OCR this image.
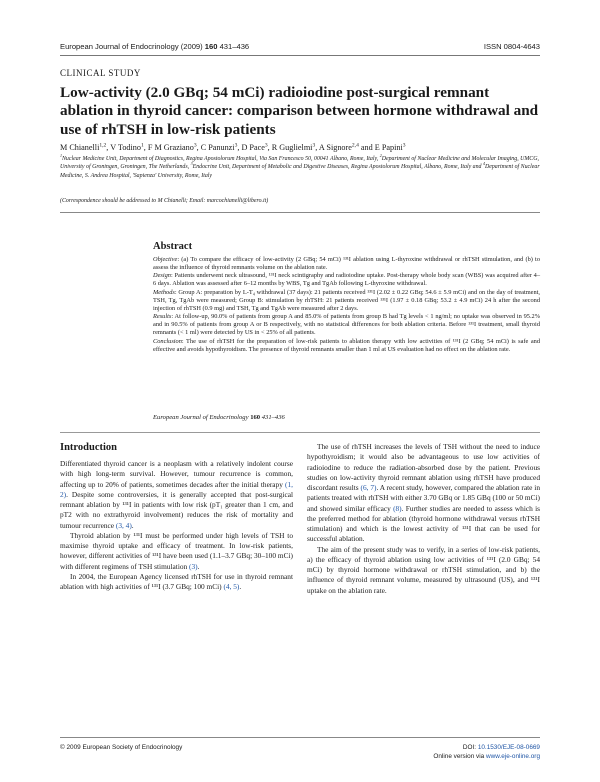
European Journal of Endocrinology (2009) 160 431–436	ISSN 0804-4643
CLINICAL STUDY
Low-activity (2.0 GBq; 54 mCi) radioiodine post-surgical remnant ablation in thyroid cancer: comparison between hormone withdrawal and use of rhTSH in low-risk patients
M Chianelli$^{1,2}$, V Todino$^1$, F M Graziano$^3$, C Panunzi$^3$, D Pace$^3$, R Guglielmi$^3$, A Signore$^{2,4}$ and E Papini$^3$
$^1$Nuclear Medicine Unit, Department of Diagnostics, Regina Apostolorum Hospital, Via San Francesco 50, 00041 Albano, Rome, Italy, $^2$Department of Nuclear Medicine and Molecular Imaging, UMCG, University of Groningen, Groningen, The Netherlands, $^3$Endocrine Unit, Department of Metabolic and Digestive Diseases, Regina Apostolorum Hospital, Albano, Rome, Italy and $^4$Department of Nuclear Medicine, S. Andrea Hospital, 'Sapienza' University, Rome, Italy
(Correspondence should be addressed to M Chianelli; Email: marcochianelli@libero.it)
Abstract

Objective: (a) To compare the efficacy of low-activity (2 GBq; 54 mCi) ¹³¹I ablation using L-thyroxine withdrawal or rhTSH stimulation, and (b) to assess the influence of thyroid remnants volume on the ablation rate.

Design: Patients underwent neck ultrasound, ¹³¹I neck scintigraphy and radioiodine uptake. Post-therapy whole body scan (WBS) was acquired after 4–6 days. Ablation was assessed after 6–12 months by WBS, Tg and TgAb following L-thyroxine withdrawal.

Methods: Group A: preparation by L-T₄ withdrawal (37 days): 21 patients received ¹³¹I (2.02 ± 0.22 GBq; 54.6 ± 5.9 mCi) and on the day of treatment, TSH, Tg, TgAb were measured; Group B: stimulation by rhTSH: 21 patients received ¹³¹I (1.97 ± 0.18 GBq; 53.2 ± 4.9 mCi) 24 h after the second injection of rhTSH (0.9 mg) and TSH, Tg and TgAb were measured after 2 days.

Results: At follow-up, 90.0% of patients from group A and 85.0% of patients from group B had Tg levels < 1 ng/ml; no uptake was observed in 95.2% and in 90.5% of patients from group A or B respectively, with no statistical differences for both ablation criteria. Before ¹³¹I treatment, small thyroid remnants (< 1 ml) were detected by US in < 25% of all patients.

Conclusion: The use of rhTSH for the preparation of low-risk patients to ablation therapy with low activities of ¹³¹I (2 GBq; 54 mCi) is safe and effective and avoids hypothyroidism. The presence of thyroid remnants smaller than 1 ml at US evaluation had no effect on the ablation rate.

European Journal of Endocrinology 160 431–436
Introduction

Differentiated thyroid cancer is a neoplasm with a relatively indolent course with high long-term survival. However, tumour recurrence is common, affecting up to 20% of patients, sometimes decades after the initial therapy (1, 2). Despite some controversies, it is generally accepted that post-surgical remnant ablation by ¹³¹I in patients with low risk (pT₁ greater than 1 cm, and pT2 with no extrathyroid involvement) reduces the risk of mortality and tumour recurrence (3, 4).

Thyroid ablation by ¹³¹I must be performed under high levels of TSH to maximise thyroid uptake and efficacy of treatment. In low-risk patients, however, different activities of ¹³¹I have been used (1.1–3.7 GBq; 30–100 mCi) with different regimens of TSH stimulation (3).

In 2004, the European Agency licensed rhTSH for use in thyroid remnant ablation with high activities of ¹³¹I (3.7 GBq; 100 mCi) (4, 5).

The use of rhTSH increases the levels of TSH without the need to induce hypothyroidism; it would also be advantageous to use low activities of radioiodine to reduce the radiation-absorbed dose by the patient. Previous studies on low-activity thyroid remnant ablation using rhTSH have produced discordant results (6, 7). A recent study, however, compared the ablation rate in patients treated with rhTSH with either 3.70 GBq or 1.85 GBq (100 or 50 mCi) and showed similar efficacy (8). Further studies are needed to assess which is the preferred method for ablation (thyroid hormone withdrawal versus rhTSH stimulation) and which is the lowest activity of ¹³¹I that can be used for successful ablation.

The aim of the present study was to verify, in a series of low-risk patients, a) the efficacy of thyroid ablation using low activities of ¹³¹I (2.0 GBq; 54 mCi) by thyroid hormone withdrawal or rhTSH stimulation, and b) the influence of thyroid remnant volume, measured by ultrasound (US), and ¹³¹I uptake on the ablation rate.

© 2009 European Society of Endocrinology	DOI: 10.1530/EJE-08-0669
Online version via www.eje-online.org
